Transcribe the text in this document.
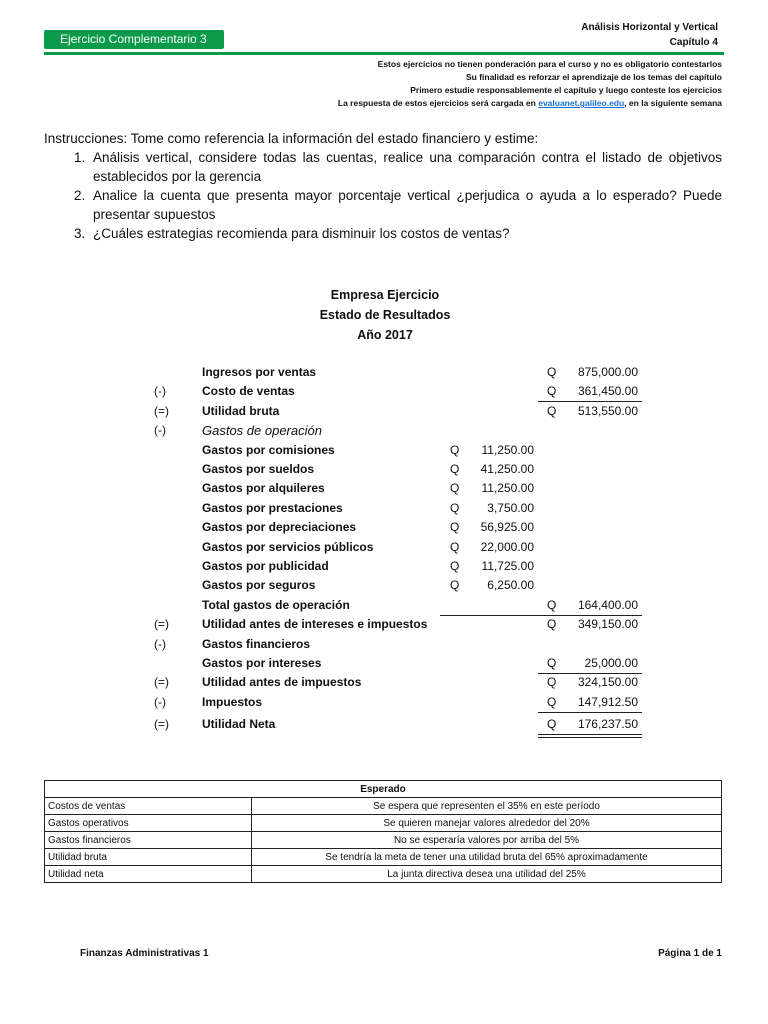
Ejercicio Complementario 3
Análisis Horizontal y Vertical
Capítulo 4
Estos ejercicios no tienen ponderación para el curso y no es obligatorio contestarlos
Su finalidad es reforzar el aprendizaje de los temas del capítulo
Primero estudie responsablemente el capítulo y luego conteste los ejercicios
La respuesta de estos ejercicios será cargada en evaluanet.galileo.edu, en la siguiente semana
Instrucciones: Tome como referencia la información del estado financiero y estime:
1. Análisis vertical, considere todas las cuentas, realice una comparación contra el listado de objetivos establecidos por la gerencia
2. Analice la cuenta que presenta mayor porcentaje vertical ¿perjudica o ayuda a lo esperado? Puede presentar supuestos
3. ¿Cuáles estrategias recomienda para disminuir los costos de ventas?
Empresa Ejercicio
Estado de Resultados
Año 2017
Ingresos por ventas	Q	875,000.00
(-)	Costo de ventas	Q	361,450.00
(=)	Utilidad bruta	Q	513,550.00
(-)	Gastos de operación
Gastos por comisiones	Q	11,250.00
Gastos por sueldos	Q	41,250.00
Gastos por alquileres	Q	11,250.00
Gastos por prestaciones	Q	3,750.00
Gastos por depreciaciones	Q	56,925.00
Gastos por servicios públicos	Q	22,000.00
Gastos por publicidad	Q	11,725.00
Gastos por seguros	Q	6,250.00
Total gastos de operación	Q	164,400.00
(=)	Utilidad antes de intereses e impuestos	Q	349,150.00
(-)	Gastos financieros
Gastos por intereses	Q	25,000.00
(=)	Utilidad antes de impuestos	Q	324,150.00
(-)	Impuestos	Q	147,912.50
(=)	Utilidad Neta	Q	176,237.50
Esperado	
Costos de ventas	Se espera que representen el 35% en este período
Gastos operativos	Se quieren manejar valores alrededor del 20%
Gastos financieros	No se esperaría valores por arriba del 5%
Utilidad bruta	Se tendría la meta de tener una utilidad bruta del 65% aproximadamente
Utilidad neta	La junta directiva desea una utilidad del 25%
Finanzas Administrativas 1	Página 1 de 1
